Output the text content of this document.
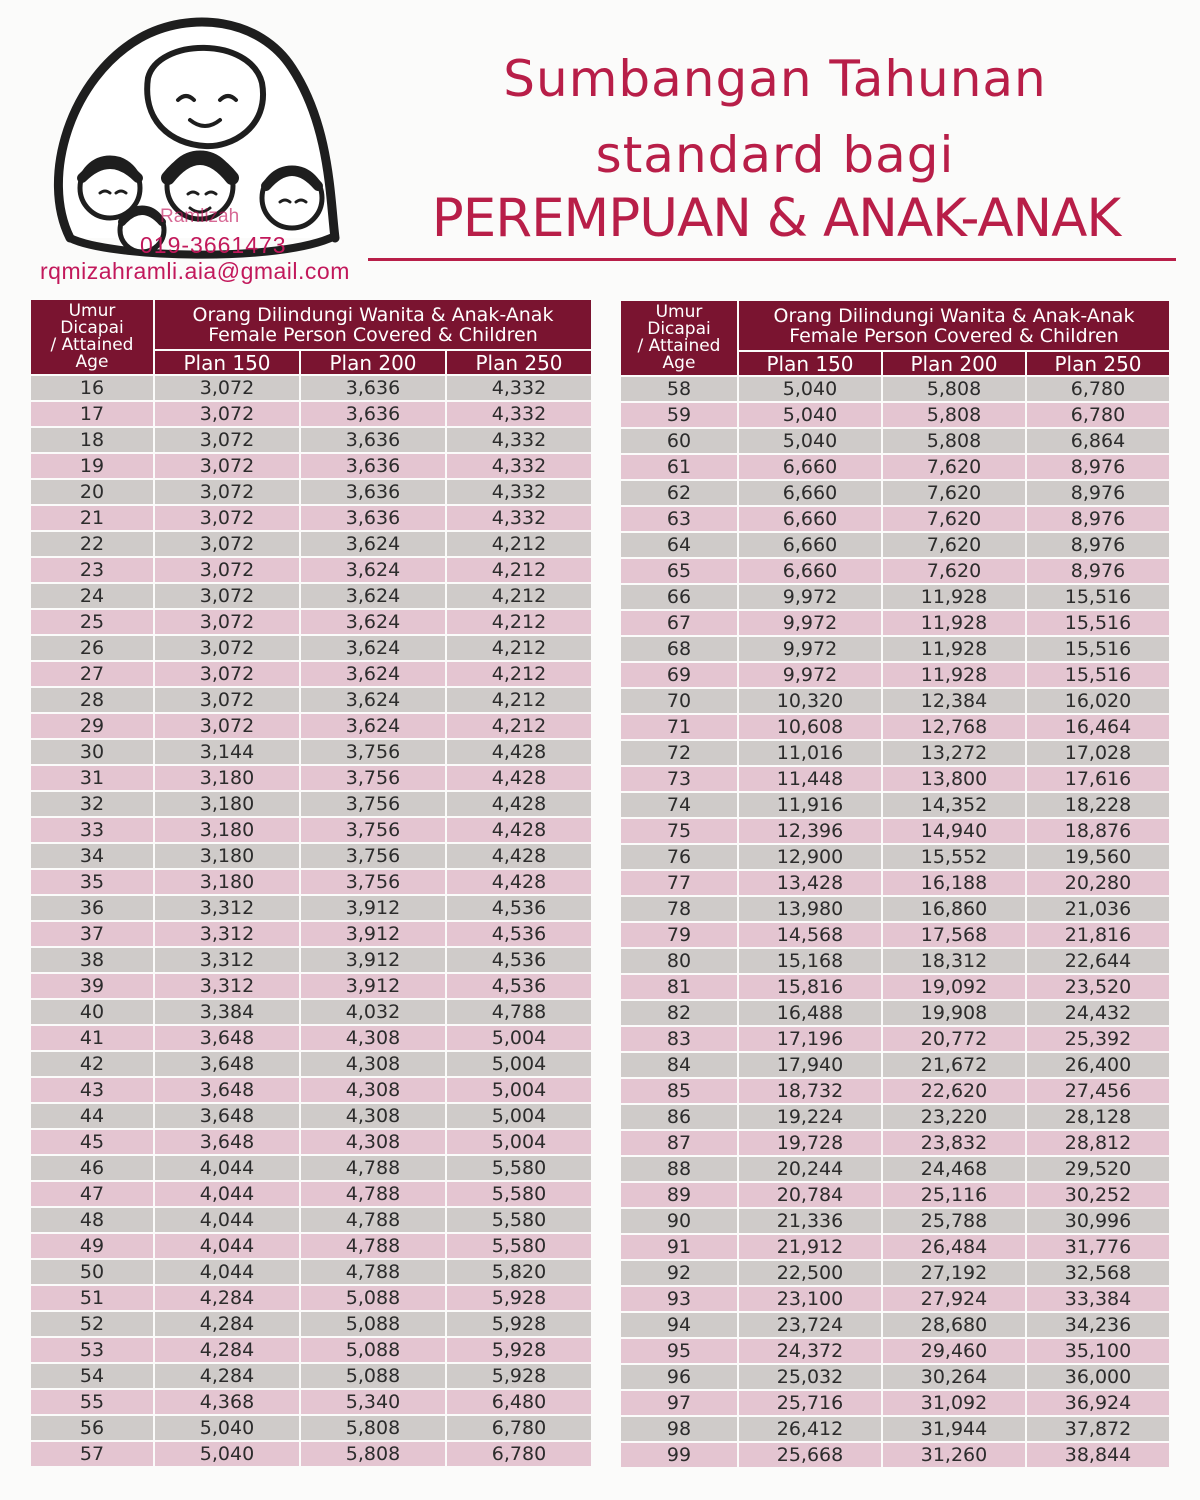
Ramlizah
019-3661473
rqmizahramli.aia@gmail.com
Sumbangan Tahunan
standard bagi
PEREMPUAN & ANAK-ANAK
Umur
Dicapai
/ Attained
Age	Orang Dilindungi Wanita & Anak-Anak
Female Person Covered & Children		
	Plan 150	Plan 200	Plan 250
16	3,072	3,636	4,332
17	3,072	3,636	4,332
18	3,072	3,636	4,332
19	3,072	3,636	4,332
20	3,072	3,636	4,332
21	3,072	3,636	4,332
22	3,072	3,624	4,212
23	3,072	3,624	4,212
24	3,072	3,624	4,212
25	3,072	3,624	4,212
26	3,072	3,624	4,212
27	3,072	3,624	4,212
28	3,072	3,624	4,212
29	3,072	3,624	4,212
30	3,144	3,756	4,428
31	3,180	3,756	4,428
32	3,180	3,756	4,428
33	3,180	3,756	4,428
34	3,180	3,756	4,428
35	3,180	3,756	4,428
36	3,312	3,912	4,536
37	3,312	3,912	4,536
38	3,312	3,912	4,536
39	3,312	3,912	4,536
40	3,384	4,032	4,788
41	3,648	4,308	5,004
42	3,648	4,308	5,004
43	3,648	4,308	5,004
44	3,648	4,308	5,004
45	3,648	4,308	5,004
46	4,044	4,788	5,580
47	4,044	4,788	5,580
48	4,044	4,788	5,580
49	4,044	4,788	5,580
50	4,044	4,788	5,820
51	4,284	5,088	5,928
52	4,284	5,088	5,928
53	4,284	5,088	5,928
54	4,284	5,088	5,928
55	4,368	5,340	6,480
56	5,040	5,808	6,780
57	5,040	5,808	6,780
Umur
Dicapai
/ Attained
Age	Orang Dilindungi Wanita & Anak-Anak
Female Person Covered & Children		
	Plan 150	Plan 200	Plan 250
58	5,040	5,808	6,780
59	5,040	5,808	6,780
60	5,040	5,808	6,864
61	6,660	7,620	8,976
62	6,660	7,620	8,976
63	6,660	7,620	8,976
64	6,660	7,620	8,976
65	6,660	7,620	8,976
66	9,972	11,928	15,516
67	9,972	11,928	15,516
68	9,972	11,928	15,516
69	9,972	11,928	15,516
70	10,320	12,384	16,020
71	10,608	12,768	16,464
72	11,016	13,272	17,028
73	11,448	13,800	17,616
74	11,916	14,352	18,228
75	12,396	14,940	18,876
76	12,900	15,552	19,560
77	13,428	16,188	20,280
78	13,980	16,860	21,036
79	14,568	17,568	21,816
80	15,168	18,312	22,644
81	15,816	19,092	23,520
82	16,488	19,908	24,432
83	17,196	20,772	25,392
84	17,940	21,672	26,400
85	18,732	22,620	27,456
86	19,224	23,220	28,128
87	19,728	23,832	28,812
88	20,244	24,468	29,520
89	20,784	25,116	30,252
90	21,336	25,788	30,996
91	21,912	26,484	31,776
92	22,500	27,192	32,568
93	23,100	27,924	33,384
94	23,724	28,680	34,236
95	24,372	29,460	35,100
96	25,032	30,264	36,000
97	25,716	31,092	36,924
98	26,412	31,944	37,872
99	25,668	31,260	38,844
